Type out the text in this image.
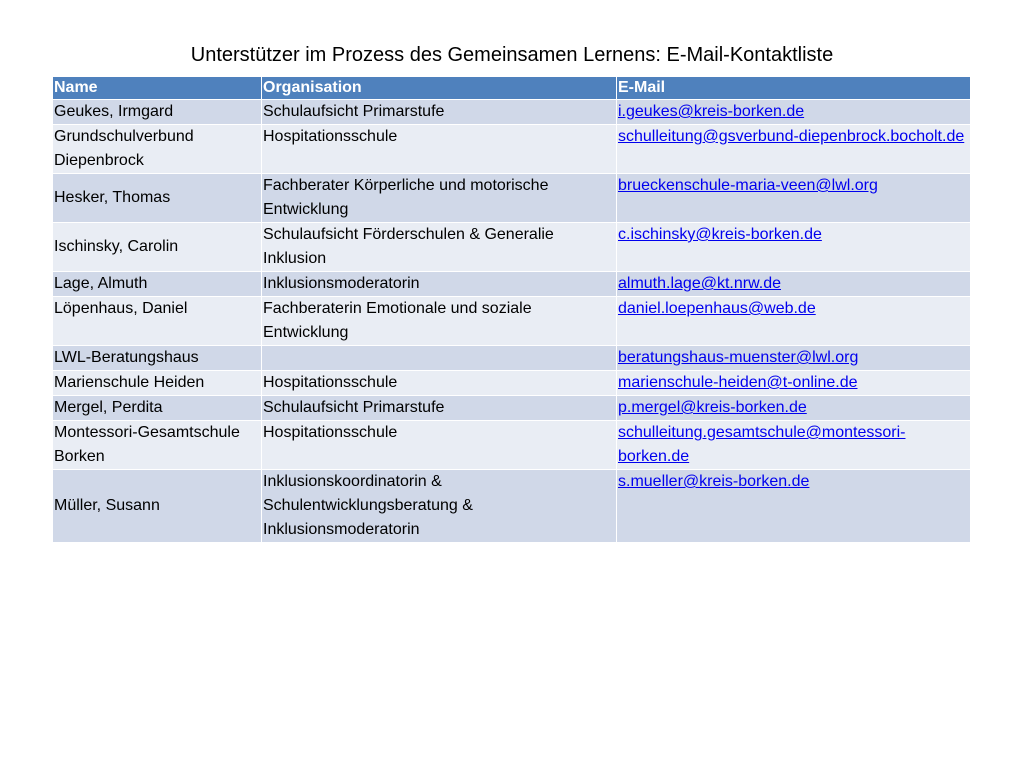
Unterstützer im Prozess des Gemeinsamen Lernens: E-Mail-Kontaktliste
Name	Organisation	E-Mail
Geukes, Irmgard	Schulaufsicht Primarstufe	i.geukes@kreis-borken.de
Grundschulverbund Diepenbrock	Hospitationsschule	schulleitung@gsverbund-diepenbrock.bocholt.de
Hesker, Thomas	Fachberater Körperliche und motorische Entwicklung	brueckenschule-maria-veen@lwl.org
Ischinsky, Carolin	Schulaufsicht Förderschulen & Generalie Inklusion	c.ischinsky@kreis-borken.de
Lage, Almuth	Inklusionsmoderatorin	almuth.lage@kt.nrw.de
Löpenhaus, Daniel	Fachberaterin Emotionale und soziale Entwicklung	daniel.loepenhaus@web.de
LWL-Beratungshaus		beratungshaus-muenster@lwl.org
Marienschule Heiden	Hospitationsschule	marienschule-heiden@t-online.de
Mergel, Perdita	Schulaufsicht Primarstufe	p.mergel@kreis-borken.de
Montessori-Gesamtschule Borken	Hospitationsschule	schulleitung.gesamtschule@montessori-borken.de
Müller, Susann	Inklusionskoordinatorin & Schulentwicklungsberatung & Inklusionsmoderatorin	s.mueller@kreis-borken.de
